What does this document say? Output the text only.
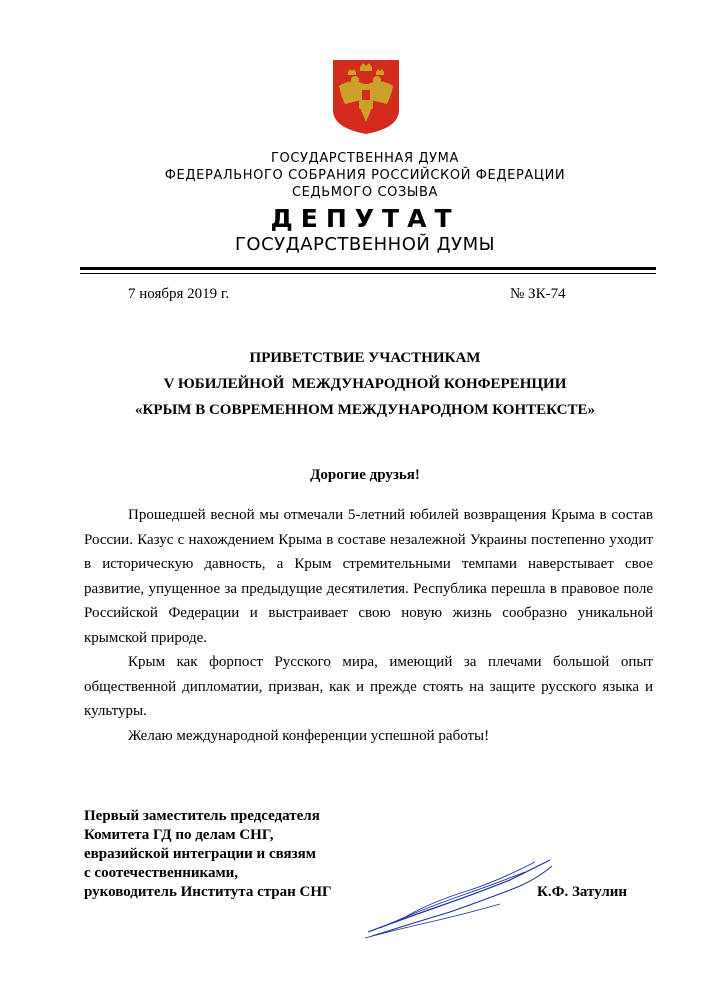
ГОСУДАРСТВЕННАЯ ДУМА
ФЕДЕРАЛЬНОГО СОБРАНИЯ РОССИЙСКОЙ ФЕДЕРАЦИИ
СЕДЬМОГО СОЗЫВА
ДЕПУТАТ
ГОСУДАРСТВЕННОЙ ДУМЫ
7 ноября 2019 г.	№ ЗК-74
ПРИВЕТСТВИЕ УЧАСТНИКАМ
V ЮБИЛЕЙНОЙ  МЕЖДУНАРОДНОЙ КОНФЕРЕНЦИИ
«КРЫМ В СОВРЕМЕННОМ МЕЖДУНАРОДНОМ КОНТЕКСТЕ»
Дорогие друзья!

Прошедшей весной мы отмечали 5-летний юбилей возвращения Крыма в состав России. Казус с нахождением Крыма в составе незалежной Украины постепенно уходит в историческую давность, а Крым стремительными темпами наверстывает свое развитие, упущенное за предыдущие десятилетия. Республика перешла в правовое поле Российской Федерации и выстраивает свою новую жизнь сообразно уникальной крымской природе.

Крым как форпост Русского мира, имеющий за плечами большой опыт общественной дипломатии, призван, как и прежде стоять на защите русского языка и культуры.

Желаю международной конференции успешной работы!

Первый заместитель председателя
Комитета ГД по делам СНГ,
евразийской интеграции и связям
с соотечественниками,
руководитель Института стран СНГ	К.Ф. Затулин
